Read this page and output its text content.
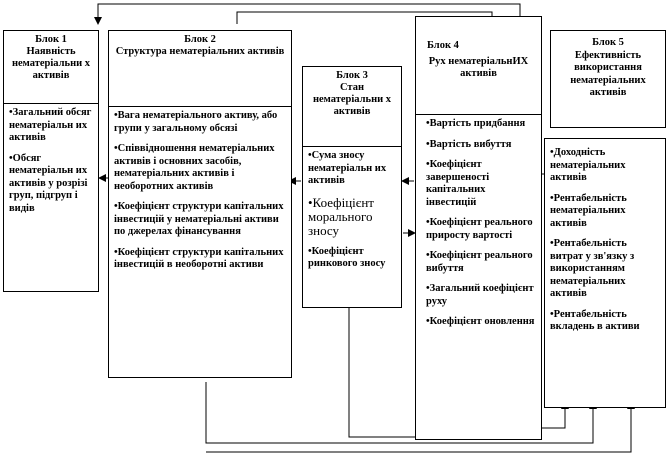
Блок 1
Наявність нематеріальни х активів
•Загальний обсяг нематеріальн их активів
•Обсяг нематеріальн их активів у розрізі груп, підгруп і видів
Блок 2
Структура нематеріальних активів
•Вага нематеріального активу, або групи у загальному обсязі
•Співвідношення нематеріальних активів і основних засобів, нематеріальних активів і необоротних активів
•Коефіцієнт структури капітальних інвестицій у нематеріальні активи по джерелах фінансування
•Коефіцієнт структури капітальних інвестицій в необоротні активи
Блок 3
Стан нематеріальни х активів
•Сума зносу нематеріальн их активів
•Коефіцієнт морального зносу
•Коефіцієнт ринкового зносу
Блок 4
Рух нематеріальнИХ активів
•Вартість придбання
•Вартість вибуття
•Коефіцієнт завершеності капітальних інвестицій
•Коефіцієнт реального приросту вартості
•Коефіцієнт реального вибуття
•Загальний коефіцієнт руху
•Коефіцієнт оновлення
Блок 5
Ефективність використання нематеріальних активів
•Доходність нематеріальних активів
•Рентабельність нематеріальних активів
•Рентабельність витрат у зв'язку з використанням нематеріальних активів
•Рентабельність вкладень в активи
